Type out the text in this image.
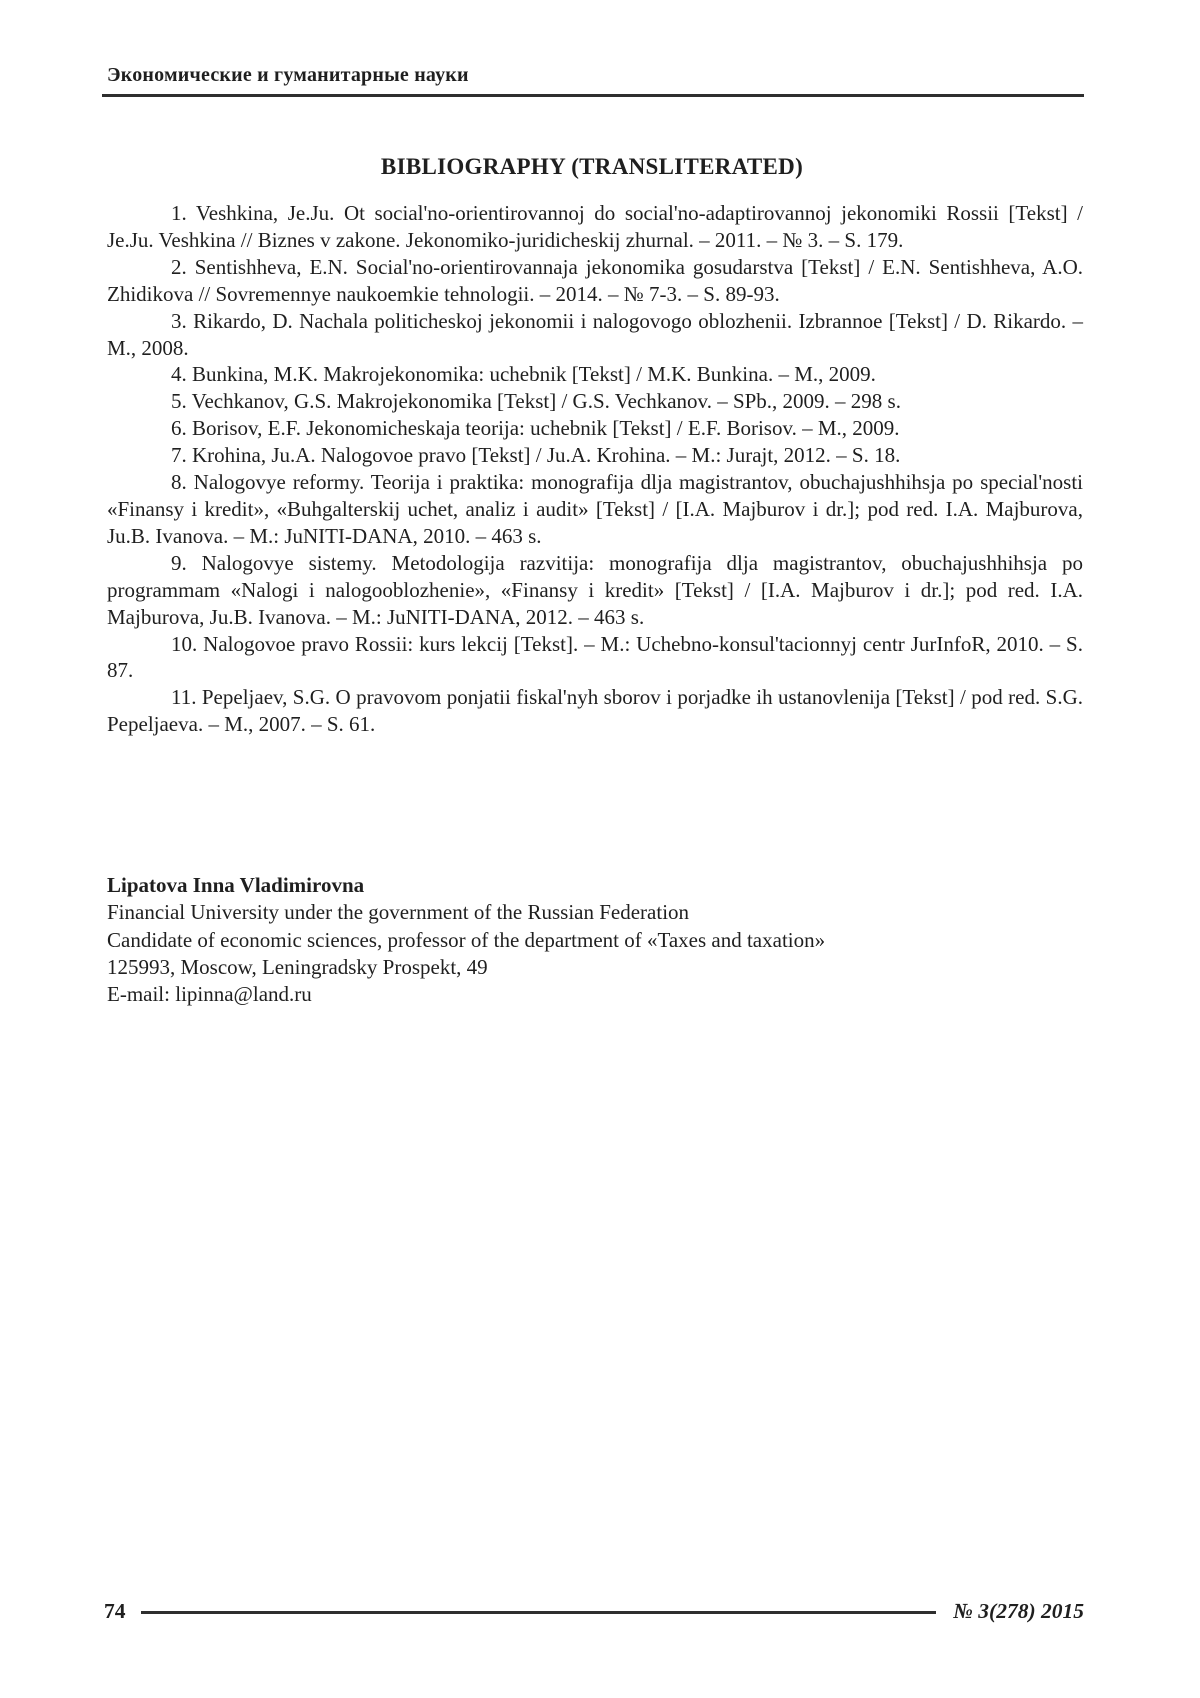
Экономические и гуманитарные науки
BIBLIOGRAPHY (TRANSLITERATED)

1. Veshkina, Je.Ju. Ot social'no-orientirovannoj do social'no-adaptirovannoj jekonomiki Rossii [Tekst] / Je.Ju. Veshkina // Biznes v zakone. Jekonomiko-juridicheskij zhurnal. – 2011. – № 3. – S. 179.

2. Sentishheva, E.N. Social'no-orientirovannaja jekonomika gosudarstva [Tekst] / E.N. Sentishheva, A.O. Zhidikova // Sovremennye naukoemkie tehnologii. – 2014. – № 7-3. – S. 89-93.

3. Rikardo, D. Nachala politicheskoj jekonomii i nalogovogo oblozhenii. Izbrannoe [Tekst] / D. Rikardo. – M., 2008.

4. Bunkina, M.K. Makrojekonomika: uchebnik [Tekst] / M.K. Bunkina. – M., 2009.

5. Vechkanov, G.S. Makrojekonomika [Tekst] / G.S. Vechkanov. – SPb., 2009. – 298 s.

6. Borisov, E.F. Jekonomicheskaja teorija: uchebnik [Tekst] / E.F. Borisov. – M., 2009.

7. Krohina, Ju.A. Nalogovoe pravo [Tekst] / Ju.A. Krohina. – M.: Jurajt, 2012. – S. 18.

8. Nalogovye reformy. Teorija i praktika: monografija dlja magistrantov, obuchajushhihsja po special'nosti «Finansy i kredit», «Buhgalterskij uchet, analiz i audit» [Tekst] / [I.A. Majburov i dr.]; pod red. I.A. Majburova, Ju.B. Ivanova. – M.: JuNITI-DANA, 2010. – 463 s.

9. Nalogovye sistemy. Metodologija razvitija: monografija dlja magistrantov, obuchajushhihsja po programmam «Nalogi i nalogooblozhenie», «Finansy i kredit» [Tekst] / [I.A. Majburov i dr.]; pod red. I.A. Majburova, Ju.B. Ivanova. – M.: JuNITI-DANA, 2012. – 463 s.

10. Nalogovoe pravo Rossii: kurs lekcij [Tekst]. – M.: Uchebno-konsul'tacionnyj centr JurInfoR, 2010. – S. 87.

11. Pepeljaev, S.G. O pravovom ponjatii fiskal'nyh sborov i porjadke ih ustanovlenija [Tekst] / pod red. S.G. Pepeljaeva. – M., 2007. – S. 61.

Lipatova Inna Vladimirovna

Financial University under the government of the Russian Federation

Candidate of economic sciences, professor of the department of «Taxes and taxation»

125993, Moscow, Leningradsky Prospekt, 49

E-mail: lipinna@land.ru

74	№ 3(278) 2015
